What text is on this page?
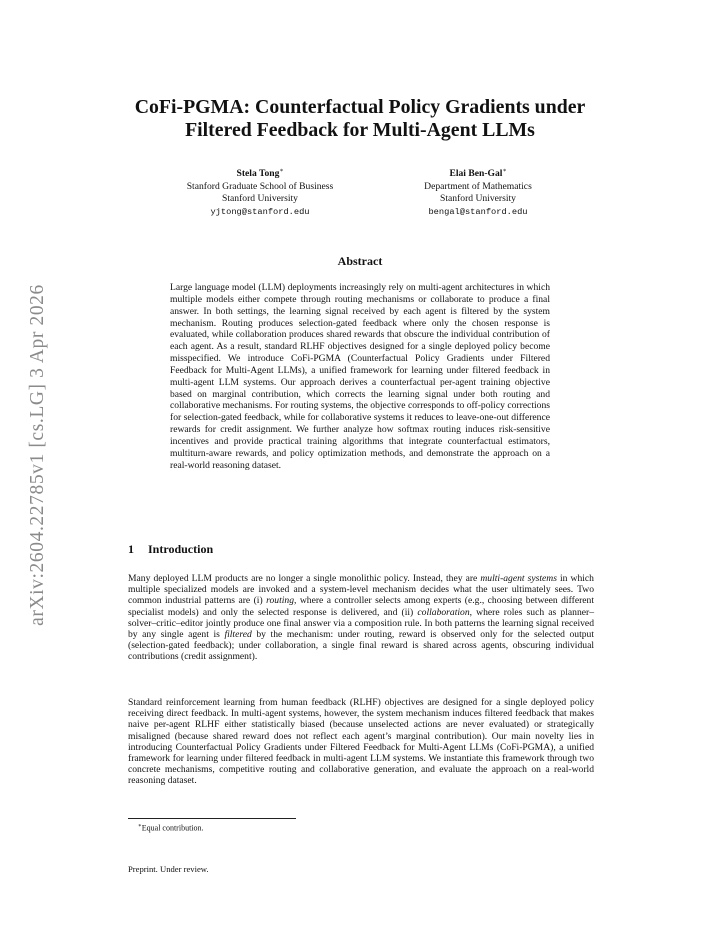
arXiv:2604.22785v1 [cs.LG] 3 Apr 2026
CoFi-PGMA: Counterfactual Policy Gradients under
Filtered Feedback for Multi-Agent LLMs
Stela Tong∗
Stanford Graduate School of Business
Stanford University
yjtong@stanford.edu
Elai Ben-Gal∗
Department of Mathematics
Stanford University
bengal@stanford.edu
Abstract
Large language model (LLM) deployments increasingly rely on multi-agent architectures in which multiple models either compete through routing mechanisms or collaborate to produce a final answer. In both settings, the learning signal received by each agent is filtered by the system mechanism. Routing produces selection-gated feedback where only the chosen response is evaluated, while collaboration produces shared rewards that obscure the individual contribution of each agent. As a result, standard RLHF objectives designed for a single deployed policy become misspecified. We introduce CoFi-PGMA (Counterfactual Policy Gradients under Filtered Feedback for Multi-Agent LLMs), a unified framework for learning under filtered feedback in multi-agent LLM systems. Our approach derives a counterfactual per-agent training objective based on marginal contribution, which corrects the learning signal under both routing and collaborative mechanisms. For routing systems, the objective corresponds to off-policy corrections for selection-gated feedback, while for collaborative systems it reduces to leave-one-out difference rewards for credit assignment. We further analyze how softmax routing induces risk-sensitive incentives and provide practical training algorithms that integrate counterfactual estimators, multiturn-aware rewards, and policy optimization methods, and demonstrate the approach on a real-world reasoning dataset.
1 Introduction
Many deployed LLM products are no longer a single monolithic policy. Instead, they are multi-agent systems in which multiple specialized models are invoked and a system-level mechanism decides what the user ultimately sees. Two common industrial patterns are (i) routing, where a controller selects among experts (e.g., choosing between different specialist models) and only the selected response is delivered, and (ii) collaboration, where roles such as planner–solver–critic–editor jointly produce one final answer via a composition rule. In both patterns the learning signal received by any single agent is filtered by the mechanism: under routing, reward is observed only for the selected output (selection-gated feedback); under collaboration, a single final reward is shared across agents, obscuring individual contributions (credit assignment).
Standard reinforcement learning from human feedback (RLHF) objectives are designed for a single deployed policy receiving direct feedback. In multi-agent systems, however, the system mechanism induces filtered feedback that makes naive per-agent RLHF either statistically biased (because unselected actions are never evaluated) or strategically misaligned (because shared reward does not reflect each agent’s marginal contribution). Our main novelty lies in introducing Counterfactual Policy Gradients under Filtered Feedback for Multi-Agent LLMs (CoFi-PGMA), a unified framework for learning under filtered feedback in multi-agent LLM systems. We instantiate this framework through two concrete mechanisms, competitive routing and collaborative generation, and evaluate the approach on a real-world reasoning dataset.
∗Equal contribution.
Preprint. Under review.
